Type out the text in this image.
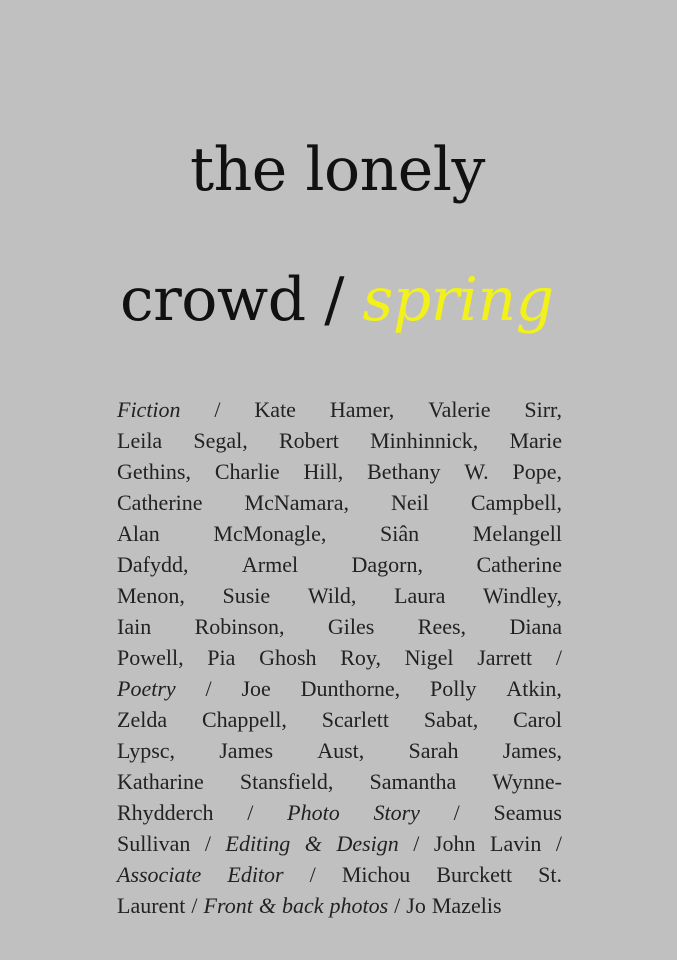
the lonely
crowd / spring
Fiction / Kate Hamer, Valerie Sirr,
Leila Segal, Robert Minhinnick, Marie
Gethins, Charlie Hill, Bethany W. Pope,
Catherine McNamara, Neil Campbell,
Alan McMonagle, Siân Melangell
Dafydd, Armel Dagorn, Catherine
Menon, Susie Wild, Laura Windley,
Iain Robinson, Giles Rees, Diana
Powell, Pia Ghosh Roy, Nigel Jarrett /
Poetry / Joe Dunthorne, Polly Atkin,
Zelda Chappell, Scarlett Sabat, Carol
Lypsc, James Aust, Sarah James,
Katharine Stansfield, Samantha Wynne-
Rhydderch / Photo Story / Seamus
Sullivan / Editing & Design / John Lavin /
Associate Editor / Michou Burckett St.
Laurent / Front & back photos / Jo Mazelis
